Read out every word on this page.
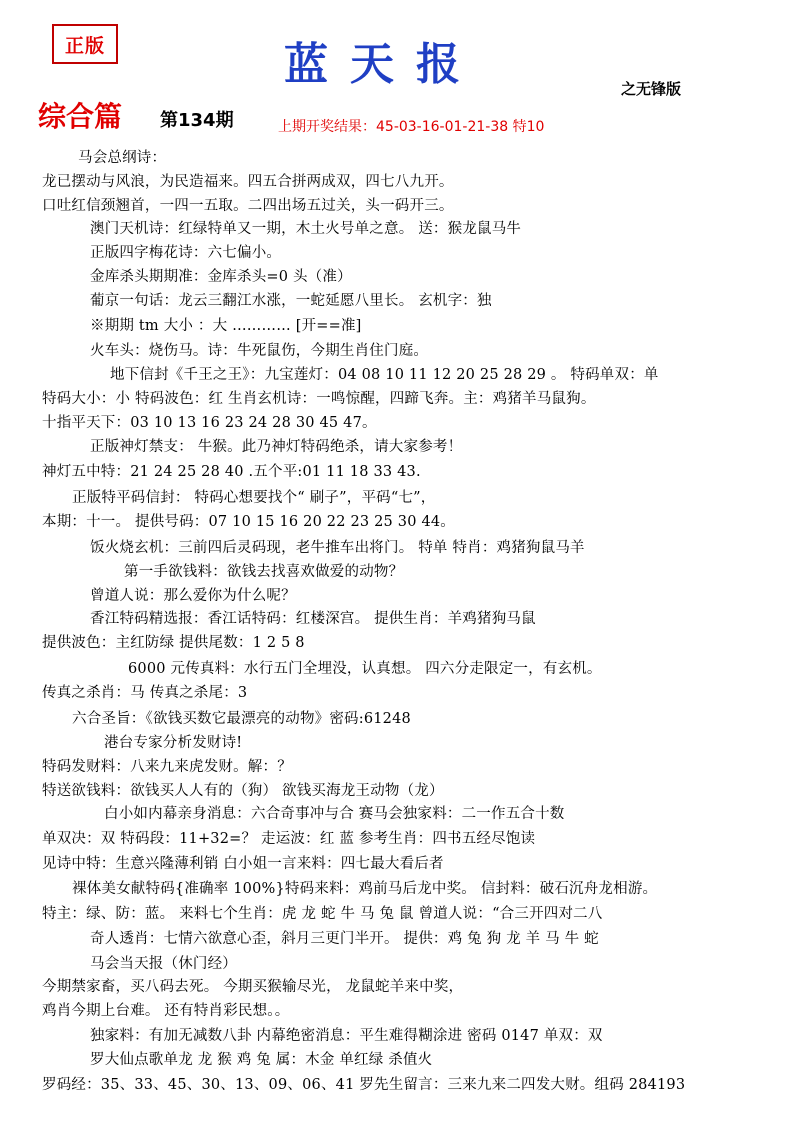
正版	蓝天报	之无锋版
综合篇 第134期	上期开奖结果：45-03-16-01-21-38 特10
马会总纲诗：
龙已摆动与风浪，为民造福来。四五合拼两成双，四七八九开。
口吐红信颈翘首，一四一五取。二四出场五过关，头一码开三。
澳门天机诗：红绿特单又一期，木土火号单之意。 送：猴龙鼠马牛
正版四字梅花诗：六七偏小。
金库杀头期期准：金库杀头=0 头（准）
葡京一句话：龙云三翻江水涨，一蛇延愿八里长。 玄机字：独
※期期 tm 大小 ：大 ………… [开==准]
火车头：烧伤马。诗：牛死鼠伤，今期生肖住门庭。
地下信封《千王之王》：九宝莲灯：04 08 10 11 12 20 25 28 29 。 特码单双：单
特码大小：小 特码波色：红 生肖玄机诗：一鸣惊醒，四蹄飞奔。主：鸡猪羊马鼠狗。
十指平天下：03 10 13 16 23 24 28 30 45 47。
正版神灯禁支： 牛猴。此乃神灯特码绝杀，请大家参考！
神灯五中特：21 24 25 28 40 .五个平:01 11 18 33 43.
正版特平码信封： 特码心想要找个“ 刷子”，平码“七”，
本期：十一。 提供号码：07 10 15 16 20 22 23 25 30 44。
饭火烧玄机：三前四后灵码现，老牛推车出将门。 特单 特肖：鸡猪狗鼠马羊
第一手欲钱料：欲钱去找喜欢做爱的动物？
曾道人说：那么爱你为什么呢？
香江特码精选报：香江话特码：红楼深宫。 提供生肖：羊鸡猪狗马鼠
提供波色：主红防绿 提供尾数：1 2 5 8
6000 元传真料：水行五门全埋没，认真想。 四六分走限定一，有玄机。
传真之杀肖：马 传真之杀尾：3
六合圣旨：《欲钱买数它最漂亮的动物》密码:61248
港台专家分析发财诗!
特码发财料：八来九来虎发财。解：？
特送欲钱料：欲钱买人人有的（狗） 欲钱买海龙王动物（龙）
白小如内幕亲身消息：六合奇事冲与合 赛马会独家料：二一作五合十数
单双决：双 特码段：11+32=？ 走运波：红 蓝 参考生肖：四书五经尽饱读
见诗中特：生意兴隆薄利销 白小姐一言来料：四七最大看后者
裸体美女献特码{准确率 100%}特码来料：鸡前马后龙中奖。 信封料：破石沉舟龙相游。
特主：绿、防：蓝。 来料七个生肖：虎 龙 蛇 牛 马 兔 鼠 曾道人说：“合三开四对二八
奇人透肖：七情六欲意心歪，斜月三更门半开。 提供：鸡 兔 狗 龙 羊 马 牛 蛇
马会当天报（休门经）
今期禁家畜，买八码去死。 今期买猴输尽光， 龙鼠蛇羊来中奖，
鸡肖今期上台难。 还有特肖彩民想。。
独家料：有加无减数八卦 内幕绝密消息：平生难得糊涂进 密码 0147 单双：双
罗大仙点歌单龙 龙 猴 鸡 兔 属：木金 单红绿 杀值火
罗码经：35、33、45、30、13、09、06、41 罗先生留言：三来九来二四发大财。组码 284193
